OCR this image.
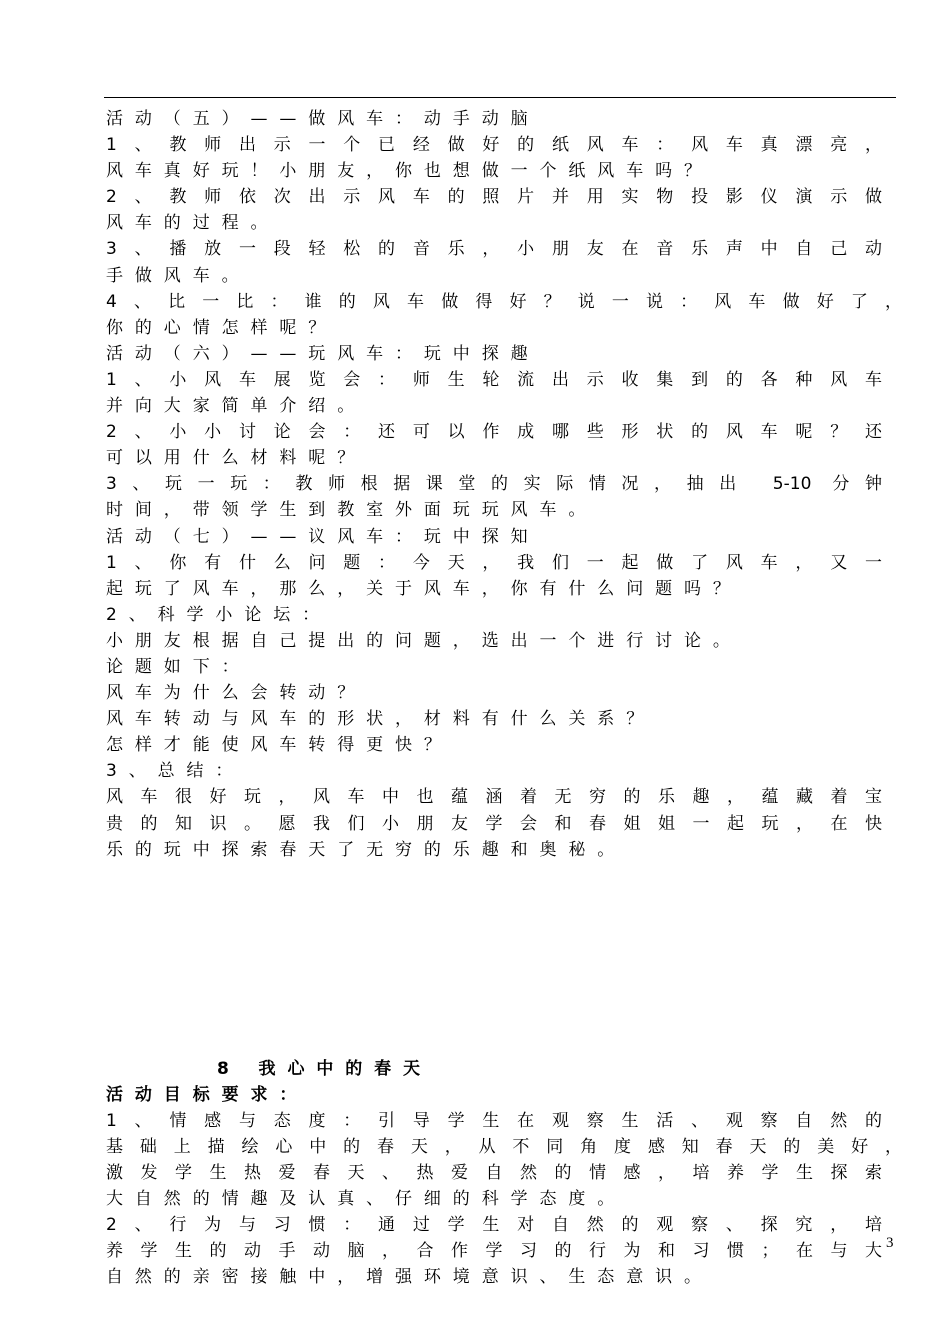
活动（五）——做风车：动手动脑
1、教师出示一个已经做好的纸风车：风车真漂亮，
风车真好玩！小朋友，你也想做一个纸风车吗？
2、教师依次出示风车的照片并用实物投影仪演示做
风车的过程。
3、播放一段轻松的音乐，小朋友在音乐声中自己动
手做风车。
4、比一比：谁的风车做得好？说一说：风车做好了，
你的心情怎样呢？
活动（六）——玩风车：玩中探趣
1、小风车展览会：师生轮流出示收集到的各种风车
并向大家简单介绍。
2、小小讨论会：还可以作成哪些形状的风车呢？还
可以用什么材料呢？
3、玩一玩：教师根据课堂的实际情况，抽出 5-10 分钟
时间，带领学生到教室外面玩玩风车。
活动（七）——议风车：玩中探知
1、你有什么问题：今天，我们一起做了风车，又一
起玩了风车，那么，关于风车，你有什么问题吗？
2、科学小论坛：
小朋友根据自己提出的问题，选出一个进行讨论。
论题如下：
风车为什么会转动？
风车转动与风车的形状，材料有什么关系？
怎样才能使风车转得更快？
3、总结：
风车很好玩，风车中也蕴涵着无穷的乐趣，蕴藏着宝
贵的知识。愿我们小朋友学会和春姐姐一起玩，在快
乐的玩中探索春天了无穷的乐趣和奥秘。
8 我心中的春天
活动目标要求：
1、情感与态度：引导学生在观察生活、观察自然的
基础上描绘心中的春天，从不同角度感知春天的美好，
激发学生热爱春天、热爱自然的情感，培养学生探索
大自然的情趣及认真、仔细的科学态度。
2、行为与习惯：通过学生对自然的观察、探究，培
养学生的动手动脑，合作学习的行为和习惯；在与大
自然的亲密接触中，增强环境意识、生态意识。
3
